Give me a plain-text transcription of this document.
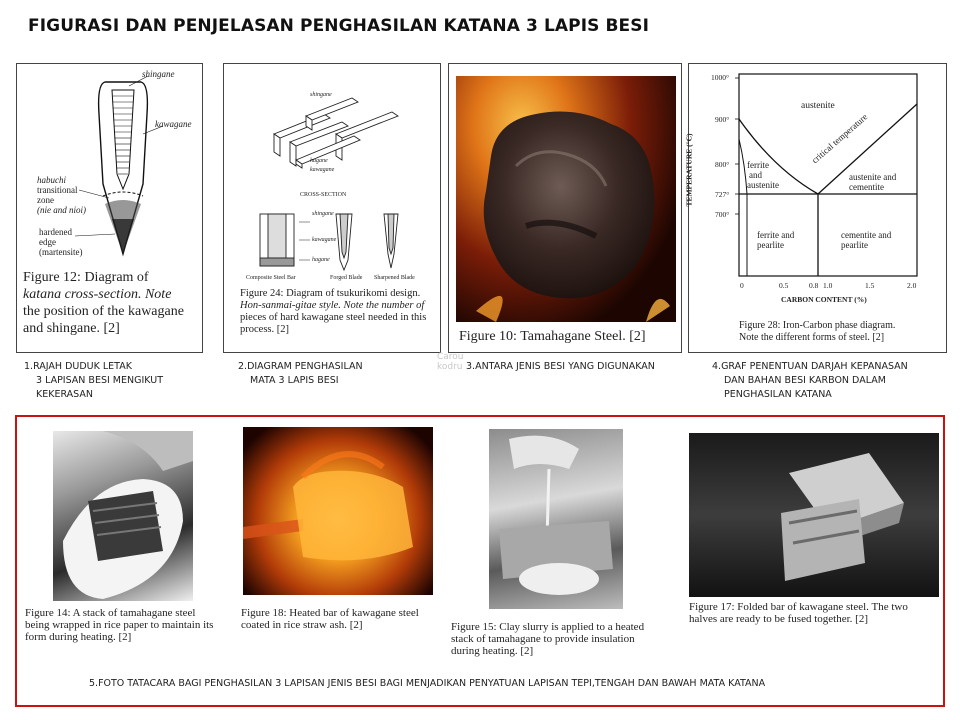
FIGURASI DAN PENJELASAN PENGHASILAN KATANA 3 LAPIS BESI
shingane
kawagane
habuchi
transitional
zone
(nie and nioi)
hardened
edge
(martensite)
Figure 12: Diagram of
katana cross-section. Note
the position of the kawagane
and shingane. [2]
1.RAJAH DUDUK LETAK
3 LAPISAN BESI MENGIKUT
KEKERASAN
shingane
hagane
kawagane
CROSS-SECTION
shingane
kawagane
hagane
Composite Steel Bar	Forged Blade Sharpened Blade
Figure 24: Diagram of tsukurikomi design.
Hon-sanmai-gitae style. Note the number of
pieces of hard kawagane steel needed in this
process. [2]
2.DIAGRAM PENGHASILAN
MATA 3 LAPIS BESI
Figure 10: Tamahagane Steel. [2]
3.ANTARA JENIS BESI YANG DIGUNAKAN
Carou
kodru
TEMPERATURE (°C)
1000°
900°
800°
727°
700°
0	0.5	0.8 1.0	1.5	2.0
CARBON CONTENT (%)
austenite
ferrite
and
austenite
critical temperature
austenite and
cementite
ferrite and
pearlite
cementite and
pearlite
Figure 28: Iron-Carbon phase diagram.
Note the different forms of steel. [2]
4.GRAF PENENTUAN DARJAH KEPANASAN
DAN BAHAN BESI KARBON DALAM
PENGHASILAN KATANA
Figure 14: A stack of tamahagane steel
being wrapped in rice paper to maintain its
form during heating. [2]
Figure 18: Heated bar of kawagane steel
coated in rice straw ash. [2]	Figure 15: Clay slurry is applied to a heated
stack of tamahagane to provide insulation
during heating. [2]
Figure 17: Folded bar of kawagane steel. The two
halves are ready to be fused together. [2]
5.FOTO TATACARA BAGI PENGHASILAN 3 LAPISAN JENIS BESI BAGI MENJADIKAN PENYATUAN LAPISAN TEPI,TENGAH DAN BAWAH MATA KATANA
